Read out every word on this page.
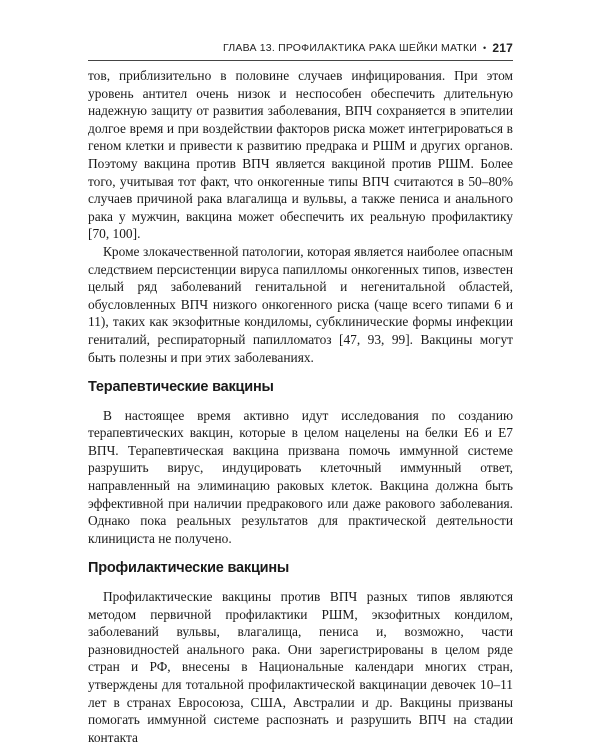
ГЛАВА 13. ПРОФИЛАКТИКА РАКА ШЕЙКИ МАТКИ • 217

тов, приблизительно в половине случаев инфицирования. При этом уровень антител очень низок и неспособен обеспечить длительную надежную защиту от развития заболевания, ВПЧ сохраняется в эпителии долгое время и при воздействии факторов риска может интегрироваться в геном клетки и привести к развитию предрака и РШМ и других органов. Поэтому вакцина против ВПЧ является вакциной против РШМ. Более того, учитывая тот факт, что онкогенные типы ВПЧ считаются в 50–80% случаев причиной рака влагалища и вульвы, а также пениса и анального рака у мужчин, вакцина может обеспечить их реальную профилактику [70, 100].

Кроме злокачественной патологии, которая является наиболее опасным следствием персистенции вируса папилломы онкогенных типов, известен целый ряд заболеваний генитальной и негенитальной областей, обусловленных ВПЧ низкого онкогенного риска (чаще всего типами 6 и 11), таких как экзофитные кондиломы, субклинические формы инфекции гениталий, респираторный папилломатоз [47, 93, 99]. Вакцины могут быть полезны и при этих заболеваниях.

Терапевтические вакцины

В настоящее время активно идут исследования по созданию терапевтических вакцин, которые в целом нацелены на белки Е6 и Е7 ВПЧ. Терапевтическая вакцина призвана помочь иммунной системе разрушить вирус, индуцировать клеточный иммунный ответ, направленный на элиминацию раковых клеток. Вакцина должна быть эффективной при наличии предракового или даже ракового заболевания. Однако пока реальных результатов для практической деятельности клинициста не получено.

Профилактические вакцины

Профилактические вакцины против ВПЧ разных типов являются методом первичной профилактики РШМ, экзофитных кондилом, заболеваний вульвы, влагалища, пениса и, возможно, части разновидностей анального рака. Они зарегистрированы в целом ряде стран и РФ, внесены в Национальные календари многих стран, утверждены для тотальной профилактической вакцинации девочек 10–11 лет в странах Евросоюза, США, Австралии и др. Вакцины призваны помогать иммунной системе распознать и разрушить ВПЧ на стадии контакта
